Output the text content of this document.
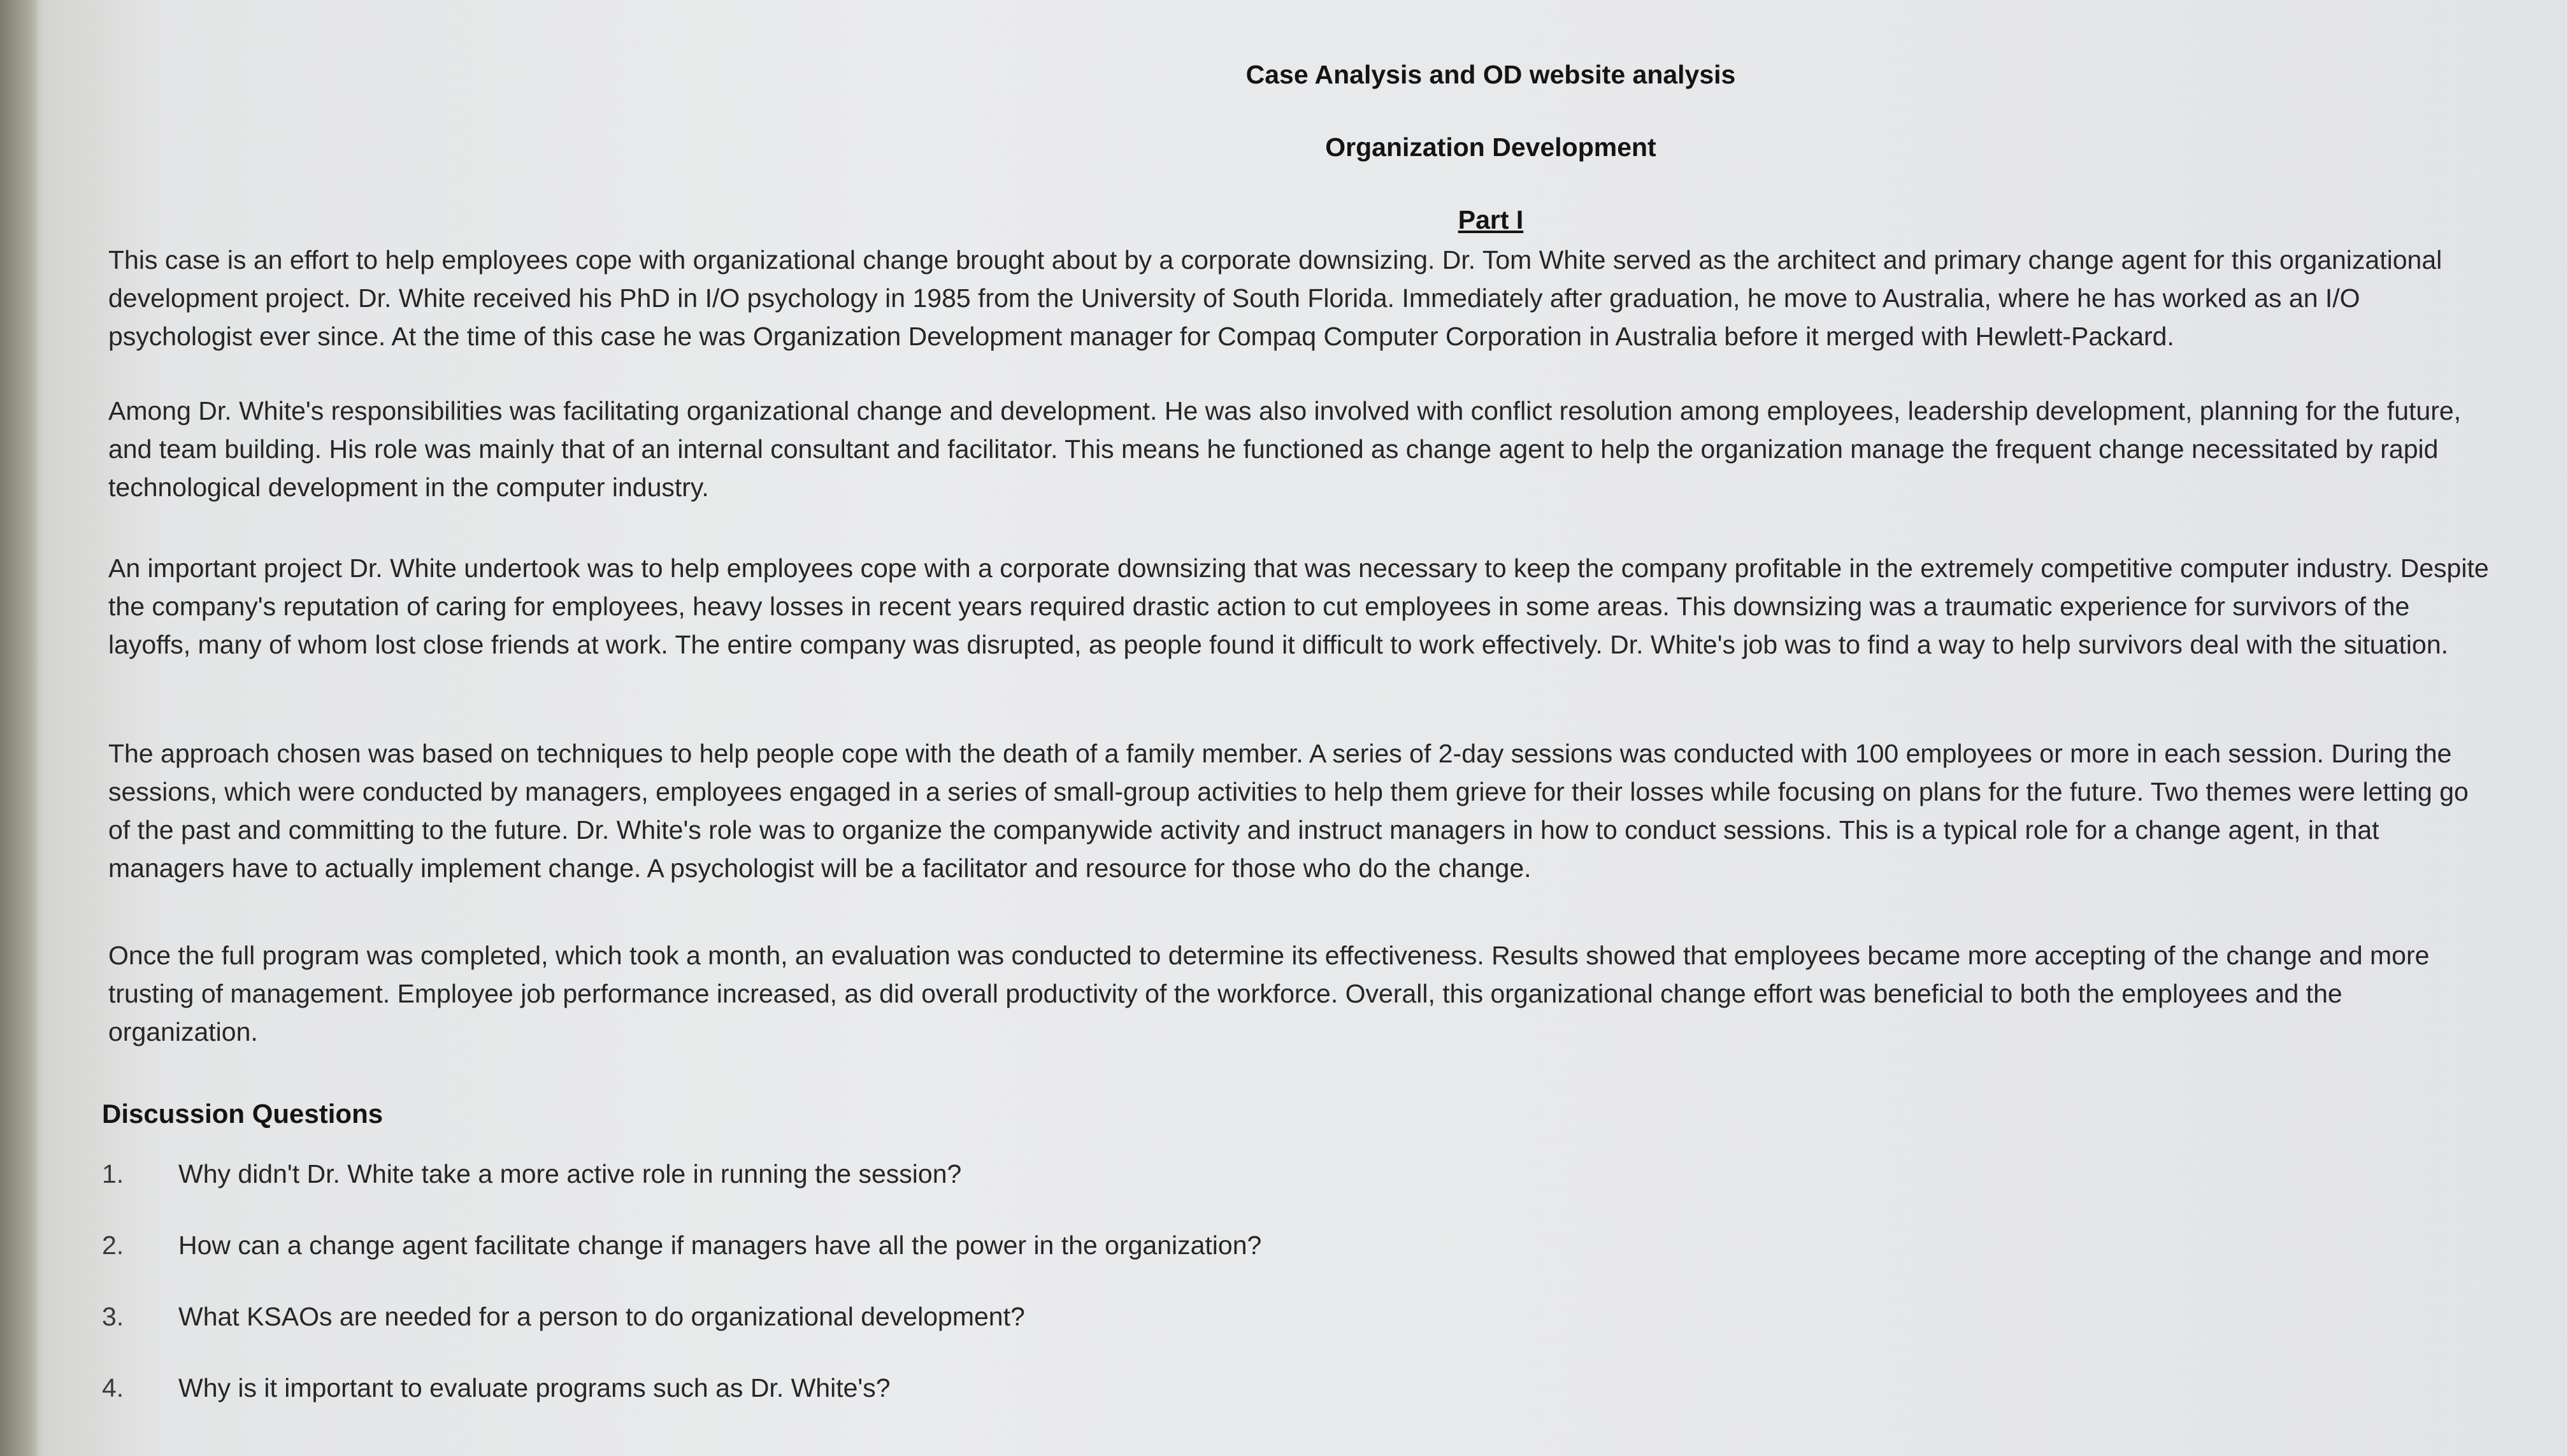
Case Analysis and OD website analysis
Organization Development
Part I

This case is an effort to help employees cope with organizational change brought about by a corporate downsizing. Dr. Tom White served as the architect and primary change agent for this organizational development project. Dr. White received his PhD in I/O psychology in 1985 from the University of South Florida. Immediately after graduation, he move to Australia, where he has worked as an I/O psychologist ever since. At the time of this case he was Organization Development manager for Compaq Computer Corporation in Australia before it merged with Hewlett-Packard.

Among Dr. White's responsibilities was facilitating organizational change and development. He was also involved with conflict resolution among employees, leadership development, planning for the future, and team building. His role was mainly that of an internal consultant and facilitator. This means he functioned as change agent to help the organization manage the frequent change necessitated by rapid technological development in the computer industry.

An important project Dr. White undertook was to help employees cope with a corporate downsizing that was necessary to keep the company profitable in the extremely competitive computer industry. Despite the company's reputation of caring for employees, heavy losses in recent years required drastic action to cut employees in some areas. This downsizing was a traumatic experience for survivors of the layoffs, many of whom lost close friends at work. The entire company was disrupted, as people found it difficult to work effectively. Dr. White's job was to find a way to help survivors deal with the situation.

The approach chosen was based on techniques to help people cope with the death of a family member. A series of 2-day sessions was conducted with 100 employees or more in each session. During the sessions, which were conducted by managers, employees engaged in a series of small-group activities to help them grieve for their losses while focusing on plans for the future. Two themes were letting go of the past and committing to the future. Dr. White's role was to organize the companywide activity and instruct managers in how to conduct sessions. This is a typical role for a change agent, in that managers have to actually implement change. A psychologist will be a facilitator and resource for those who do the change.

Once the full program was completed, which took a month, an evaluation was conducted to determine its effectiveness. Results showed that employees became more accepting of the change and more trusting of management. Employee job performance increased, as did overall productivity of the workforce. Overall, this organizational change effort was beneficial to both the employees and the organization.

Discussion Questions
1.	Why didn't Dr. White take a more active role in running the session?
2.	How can a change agent facilitate change if managers have all the power in the organization?
3.	What KSAOs are needed for a person to do organizational development?
4.	Why is it important to evaluate programs such as Dr. White's?
